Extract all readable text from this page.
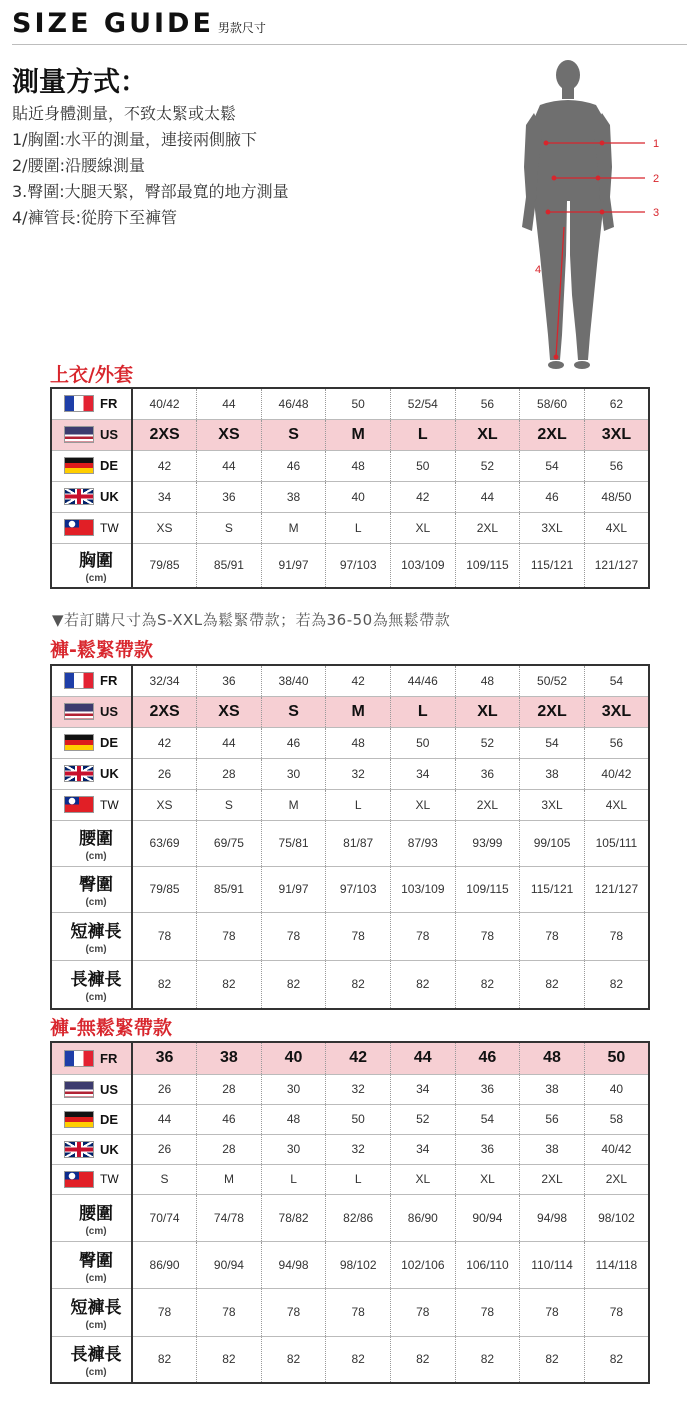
SIZE GUIDE 男款尺寸
測量方式：
貼近身體測量，不致太緊或太鬆
1/胸圍:水平的測量，連接兩側腋下
2/腰圍:沿腰線測量
3.臀圍:大腿天緊，臀部最寬的地方測量
4/褲管長:從胯下至褲管
1
2
3
4
上衣/外套
FR	40/42	44	46/48	50	52/54	56	58/60	62

US	2XS	XS	S	M	L	XL	2XL	3XL

DE	42	44	46	48	50	52	54	56

UK	34	36	38	40	42	44	46	48/50

TW	XS	S	M	L	XL	2XL	3XL	4XL

胸圍
(cm)	79/85	85/91	91/97	97/103	103/109	109/115	115/121	121/127
▼若訂購尺寸為S-XXL為鬆緊帶款；若為36-50為無鬆帶款
褲-鬆緊帶款
FR	32/34	36	38/40	42	44/46	48	50/52	54

US	2XS	XS	S	M	L	XL	2XL	3XL

DE	42	44	46	48	50	52	54	56

UK	26	28	30	32	34	36	38	40/42

TW	XS	S	M	L	XL	2XL	3XL	4XL

腰圍
(cm)	63/69	69/75	75/81	81/87	87/93	93/99	99/105	105/111

臀圍
(cm)	79/85	85/91	91/97	97/103	103/109	109/115	115/121	121/127

短褲長
(cm)	78	78	78	78	78	78	78	78

長褲長
(cm)	82	82	82	82	82	82	82	82
褲-無鬆緊帶款
FR	36	38	40	42	44	46	48	50

US	26	28	30	32	34	36	38	40

DE	44	46	48	50	52	54	56	58

UK	26	28	30	32	34	36	38	40/42

TW	S	M	L	L	XL	XL	2XL	2XL

腰圍
(cm)	70/74	74/78	78/82	82/86	86/90	90/94	94/98	98/102

臀圍
(cm)	86/90	90/94	94/98	98/102	102/106	106/110	110/114	114/118

短褲長
(cm)	78	78	78	78	78	78	78	78

長褲長
(cm)	82	82	82	82	82	82	82	82
